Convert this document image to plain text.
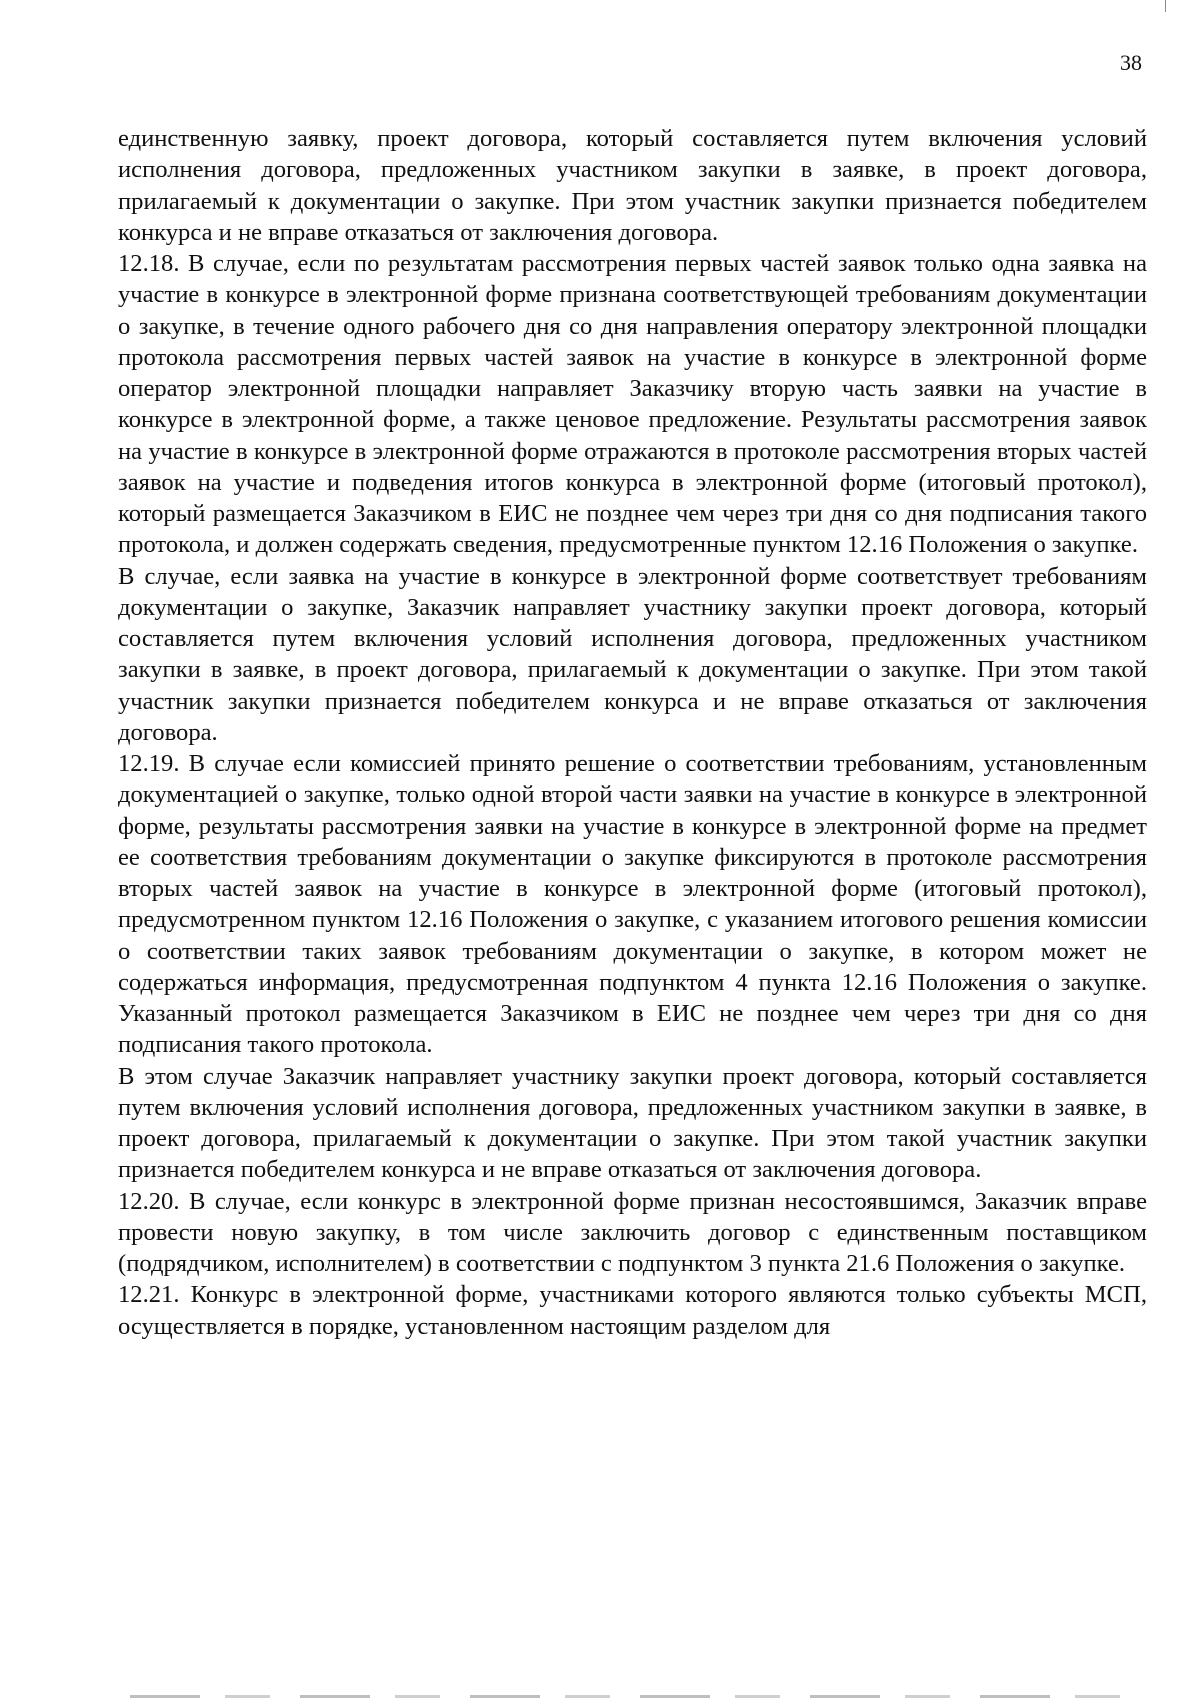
38

единственную заявку, проект договора, который составляется путем включения условий исполнения договора, предложенных участником закупки в заявке, в проект договора, прилагаемый к документации о закупке. При этом участник закупки признается победителем конкурса и не вправе отказаться от заключения договора.

12.18. В случае, если по результатам рассмотрения первых частей заявок только одна заявка на участие в конкурсе в электронной форме признана соответствующей требованиям документации о закупке, в течение одного рабочего дня со дня направления оператору электронной площадки протокола рассмотрения первых частей заявок на участие в конкурсе в электронной форме оператор электронной площадки направляет Заказчику вторую часть заявки на участие в конкурсе в электронной форме, а также ценовое предложение. Результаты рассмотрения заявок на участие в конкурсе в электронной форме отражаются в протоколе рассмотрения вторых частей заявок на участие и подведения итогов конкурса в электронной форме (итоговый протокол), который размещается Заказчиком в ЕИС не позднее чем через три дня со дня подписания такого протокола, и должен содержать сведения, предусмотренные пунктом 12.16 Положения о закупке.

В случае, если заявка на участие в конкурсе в электронной форме соответствует требованиям документации о закупке, Заказчик направляет участнику закупки проект договора, который составляется путем включения условий исполнения договора, предложенных участником закупки в заявке, в проект договора, прилагаемый к документации о закупке. При этом такой участник закупки признается победителем конкурса и не вправе отказаться от заключения договора.

12.19. В случае если комиссией принято решение о соответствии требованиям, установленным документацией о закупке, только одной второй части заявки на участие в конкурсе в электронной форме, результаты рассмотрения заявки на участие в конкурсе в электронной форме на предмет ее соответствия требованиям документации о закупке фиксируются в протоколе рассмотрения вторых частей заявок на участие в конкурсе в электронной форме (итоговый протокол), предусмотренном пунктом 12.16 Положения о закупке, с указанием итогового решения комиссии о соответствии таких заявок требованиям документации о закупке, в котором может не содержаться информация, предусмотренная подпунктом 4 пункта 12.16 Положения о закупке. Указанный протокол размещается Заказчиком в ЕИС не позднее чем через три дня со дня подписания такого протокола.

В этом случае Заказчик направляет участнику закупки проект договора, который составляется путем включения условий исполнения договора, предложенных участником закупки в заявке, в проект договора, прилагаемый к документации о закупке. При этом такой участник закупки признается победителем конкурса и не вправе отказаться от заключения договора.

12.20. В случае, если конкурс в электронной форме признан несостоявшимся, Заказчик вправе провести новую закупку, в том числе заключить договор с единственным поставщиком (подрядчиком, исполнителем) в соответствии с подпунктом 3 пункта 21.6 Положения о закупке.

12.21. Конкурс в электронной форме, участниками которого являются только субъекты МСП, осуществляется в порядке, установленном настоящим разделом для
